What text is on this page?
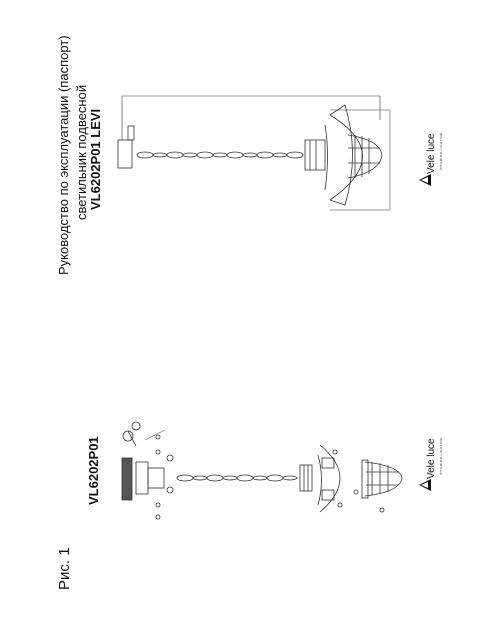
Руководство по эксплуатации (паспорт) светильник подвесной VL6202P01 LEVI
Рис. 1
VL6202P01
Vele luce INTERIOR LIGHTING
Vele luce INTERIOR LIGHTING
